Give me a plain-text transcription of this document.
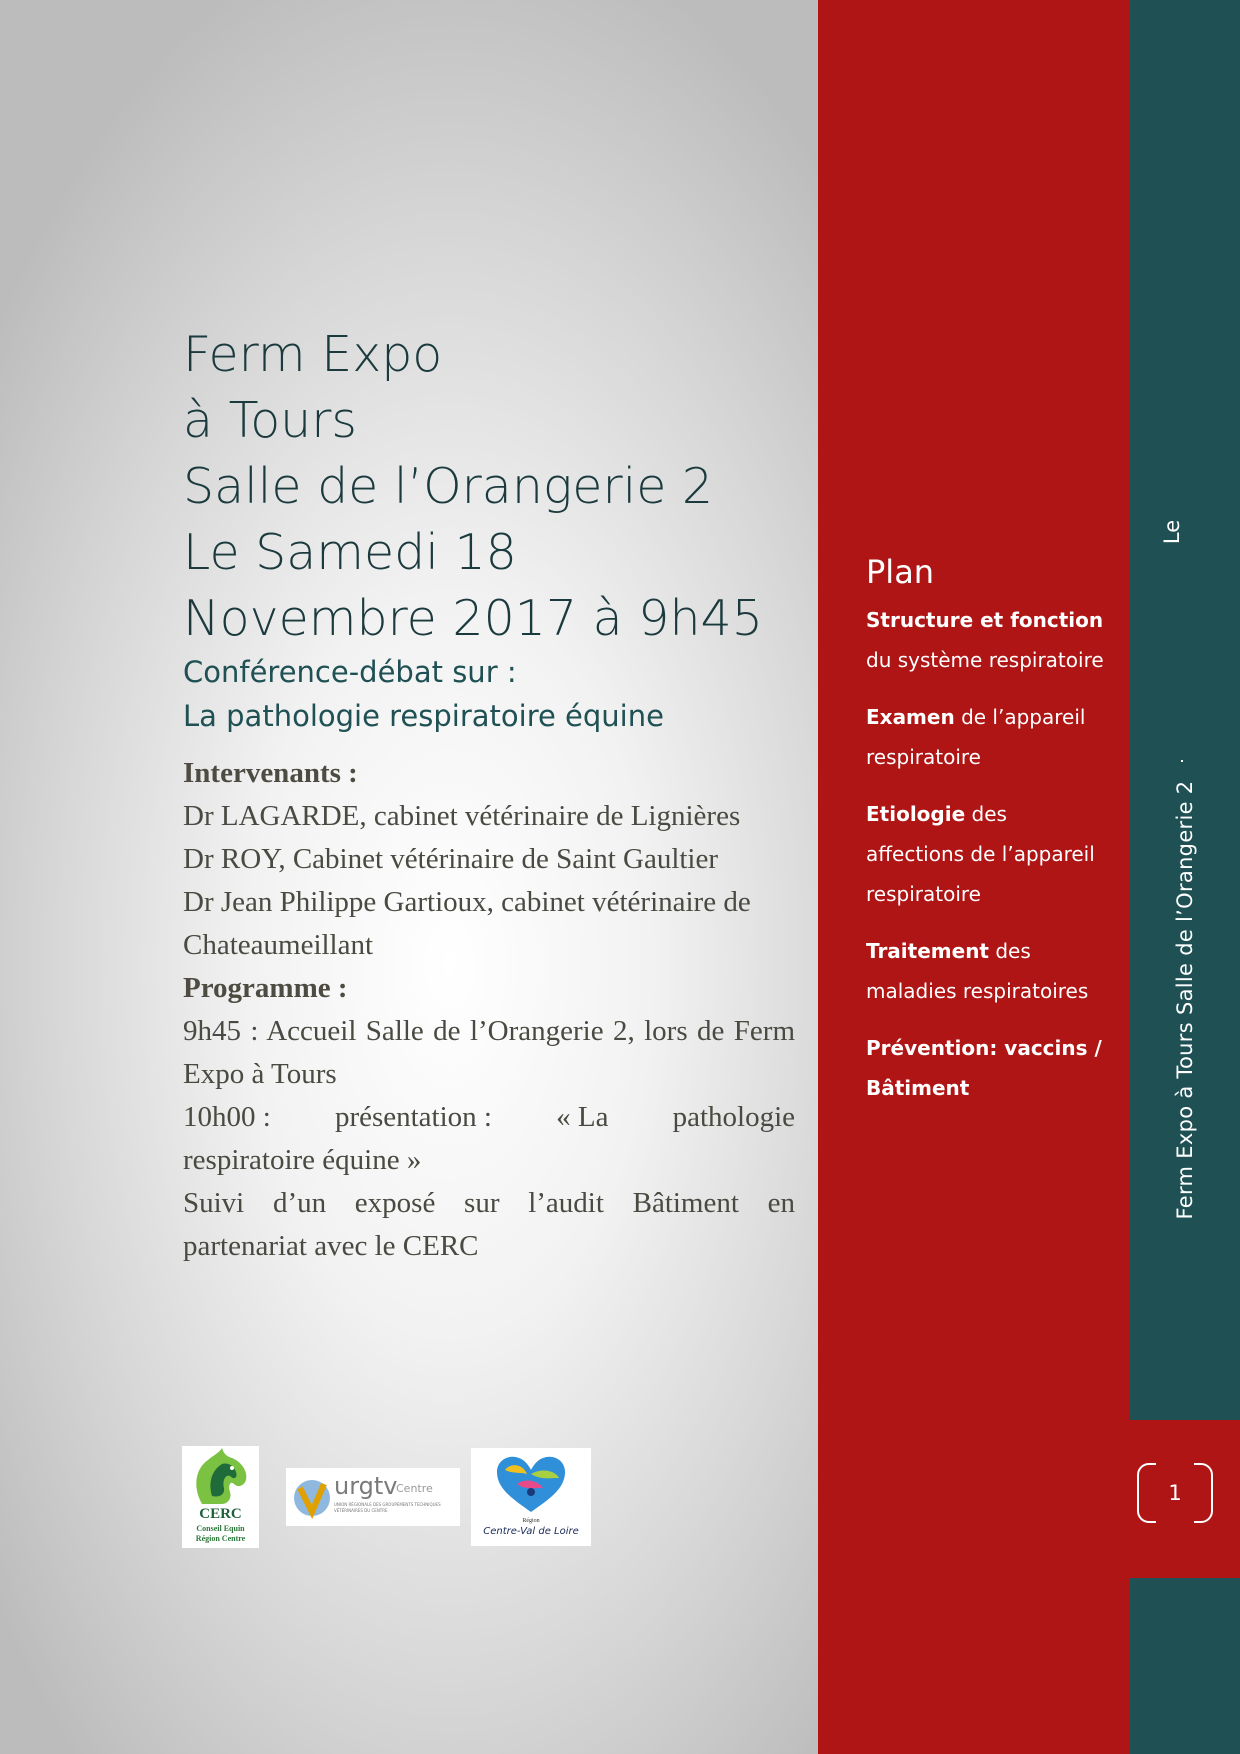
Ferm Expo
à Tours
Salle de l’Orangerie 2
Le Samedi 18
Novembre 2017 à 9h45
Conférence-débat sur :
La pathologie respiratoire équine
Intervenants :
Dr LAGARDE, cabinet vétérinaire de Lignières
Dr ROY, Cabinet vétérinaire de Saint Gaultier
Dr Jean Philippe Gartioux, cabinet vétérinaire de
Chateaumeillant
Programme :
9h45 : Accueil Salle de l’Orangerie 2, lors de Ferm Expo à Tours
10h00 : présentation : « La pathologie
respiratoire équine »
Suivi d’un exposé sur l’audit Bâtiment en partenariat avec le CERC
CERC
Conseil Equin
Région Centre
urgtv
Centre
UNION RÉGIONALE DES GROUPEMENTS TECHNIQUES VÉTÉRINAIRES DU CENTRE
Région
Centre-Val de Loire
Plan
Structure et fonction du système respiratoire
Examen de l’appareil respiratoire
Etiologie des affections de l’appareil respiratoire
Traitement des maladies respiratoires
Prévention: vaccins / Bâtiment	Ferm Expo à Tours Salle de l’Orangerie 2
Le
1
